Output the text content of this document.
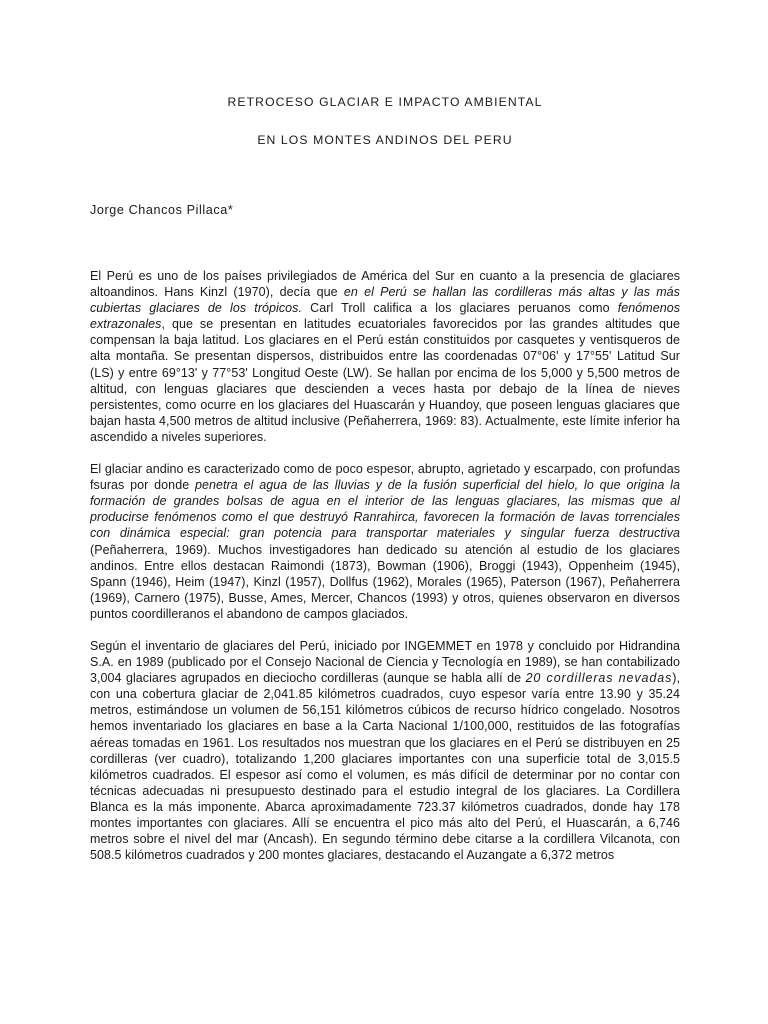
RETROCESO GLACIAR E IMPACTO AMBIENTAL
EN LOS MONTES ANDINOS DEL PERU

Jorge Chancos Pillaca*

El Perú es uno de los países privilegiados de América del Sur en cuanto a la presencia de glaciares altoandinos. Hans Kinzl (1970), decía que en el Perú se hallan las cordilleras más altas y las más cubiertas glaciares de los trópicos. Carl Troll califica a los glaciares peruanos como fenómenos extrazonales, que se presentan en latitudes ecuatoriales favorecidos por las grandes altitudes que compensan la baja latitud. Los glaciares en el Perú están constituidos por casquetes y ventisqueros de alta montaña. Se presentan dispersos, distribuidos entre las coordenadas 07°06' y 17°55' Latitud Sur (LS) y entre 69°13' y 77°53' Longitud Oeste (LW). Se hallan por encima de los 5,000 y 5,500 metros de altitud, con lenguas glaciares que descienden a veces hasta por debajo de la línea de nieves persistentes, como ocurre en los glaciares del Huascarán y Huandoy, que poseen lenguas glaciares que bajan hasta 4,500 metros de altitud inclusive (Peñaherrera, 1969: 83). Actualmente, este límite inferior ha ascendido a niveles superiores.

El glaciar andino es caracterizado como de poco espesor, abrupto, agrietado y escarpado, con profundas fsuras por donde penetra el agua de las lluvias y de la fusión superficial del hielo, lo que origina la formación de grandes bolsas de agua en el interior de las lenguas glaciares, las mismas que al producirse fenómenos como el que destruyó Ranrahirca, favorecen la formación de lavas torrenciales con dinámica especial: gran potencia para transportar materiales y singular fuerza destructiva (Peñaherrera, 1969). Muchos investigadores han dedicado su atención al estudio de los glaciares andinos. Entre ellos destacan Raimondi (1873), Bowman (1906), Broggi (1943), Oppenheim (1945), Spann (1946), Heim (1947), Kinzl (1957), Dollfus (1962), Morales (1965), Paterson (1967), Peñaherrera (1969), Carnero (1975), Busse, Ames, Mercer, Chancos (1993) y otros, quienes observaron en diversos puntos coordilleranos el abandono de campos glaciados.

Según el inventario de glaciares del Perú, iniciado por INGEMMET en 1978 y concluido por Hidrandina S.A. en 1989 (publicado por el Consejo Nacional de Ciencia y Tecnología en 1989), se han contabilizado 3,004 glaciares agrupados en dieciocho cordilleras (aunque se habla allí de 20 cordilleras nevadas), con una cobertura glaciar de 2,041.85 kilómetros cuadrados, cuyo espesor varía entre 13.90 y 35.24 metros, estimándose un volumen de 56,151 kilómetros cúbicos de recurso hídrico congelado. Nosotros hemos inventariado los glaciares en base a la Carta Nacional 1/100,000, restituidos de las fotografías aéreas tomadas en 1961. Los resultados nos muestran que los glaciares en el Perú se distribuyen en 25 cordilleras (ver cuadro), totalizando 1,200 glaciares importantes con una superficie total de 3,015.5 kilómetros cuadrados. El espesor así como el volumen, es más difícil de determinar por no contar con técnicas adecuadas ni presupuesto destinado para el estudio integral de los glaciares. La Cordillera Blanca es la más imponente. Abarca aproximadamente 723.37 kilómetros cuadrados, donde hay 178 montes importantes con glaciares. Allí se encuentra el pico más alto del Perú, el Huascarán, a 6,746 metros sobre el nivel del mar (Ancash). En segundo término debe citarse a la cordillera Vilcanota, con 508.5 kilómetros cuadrados y 200 montes glaciares, destacando el Auzangate a 6,372 metros
